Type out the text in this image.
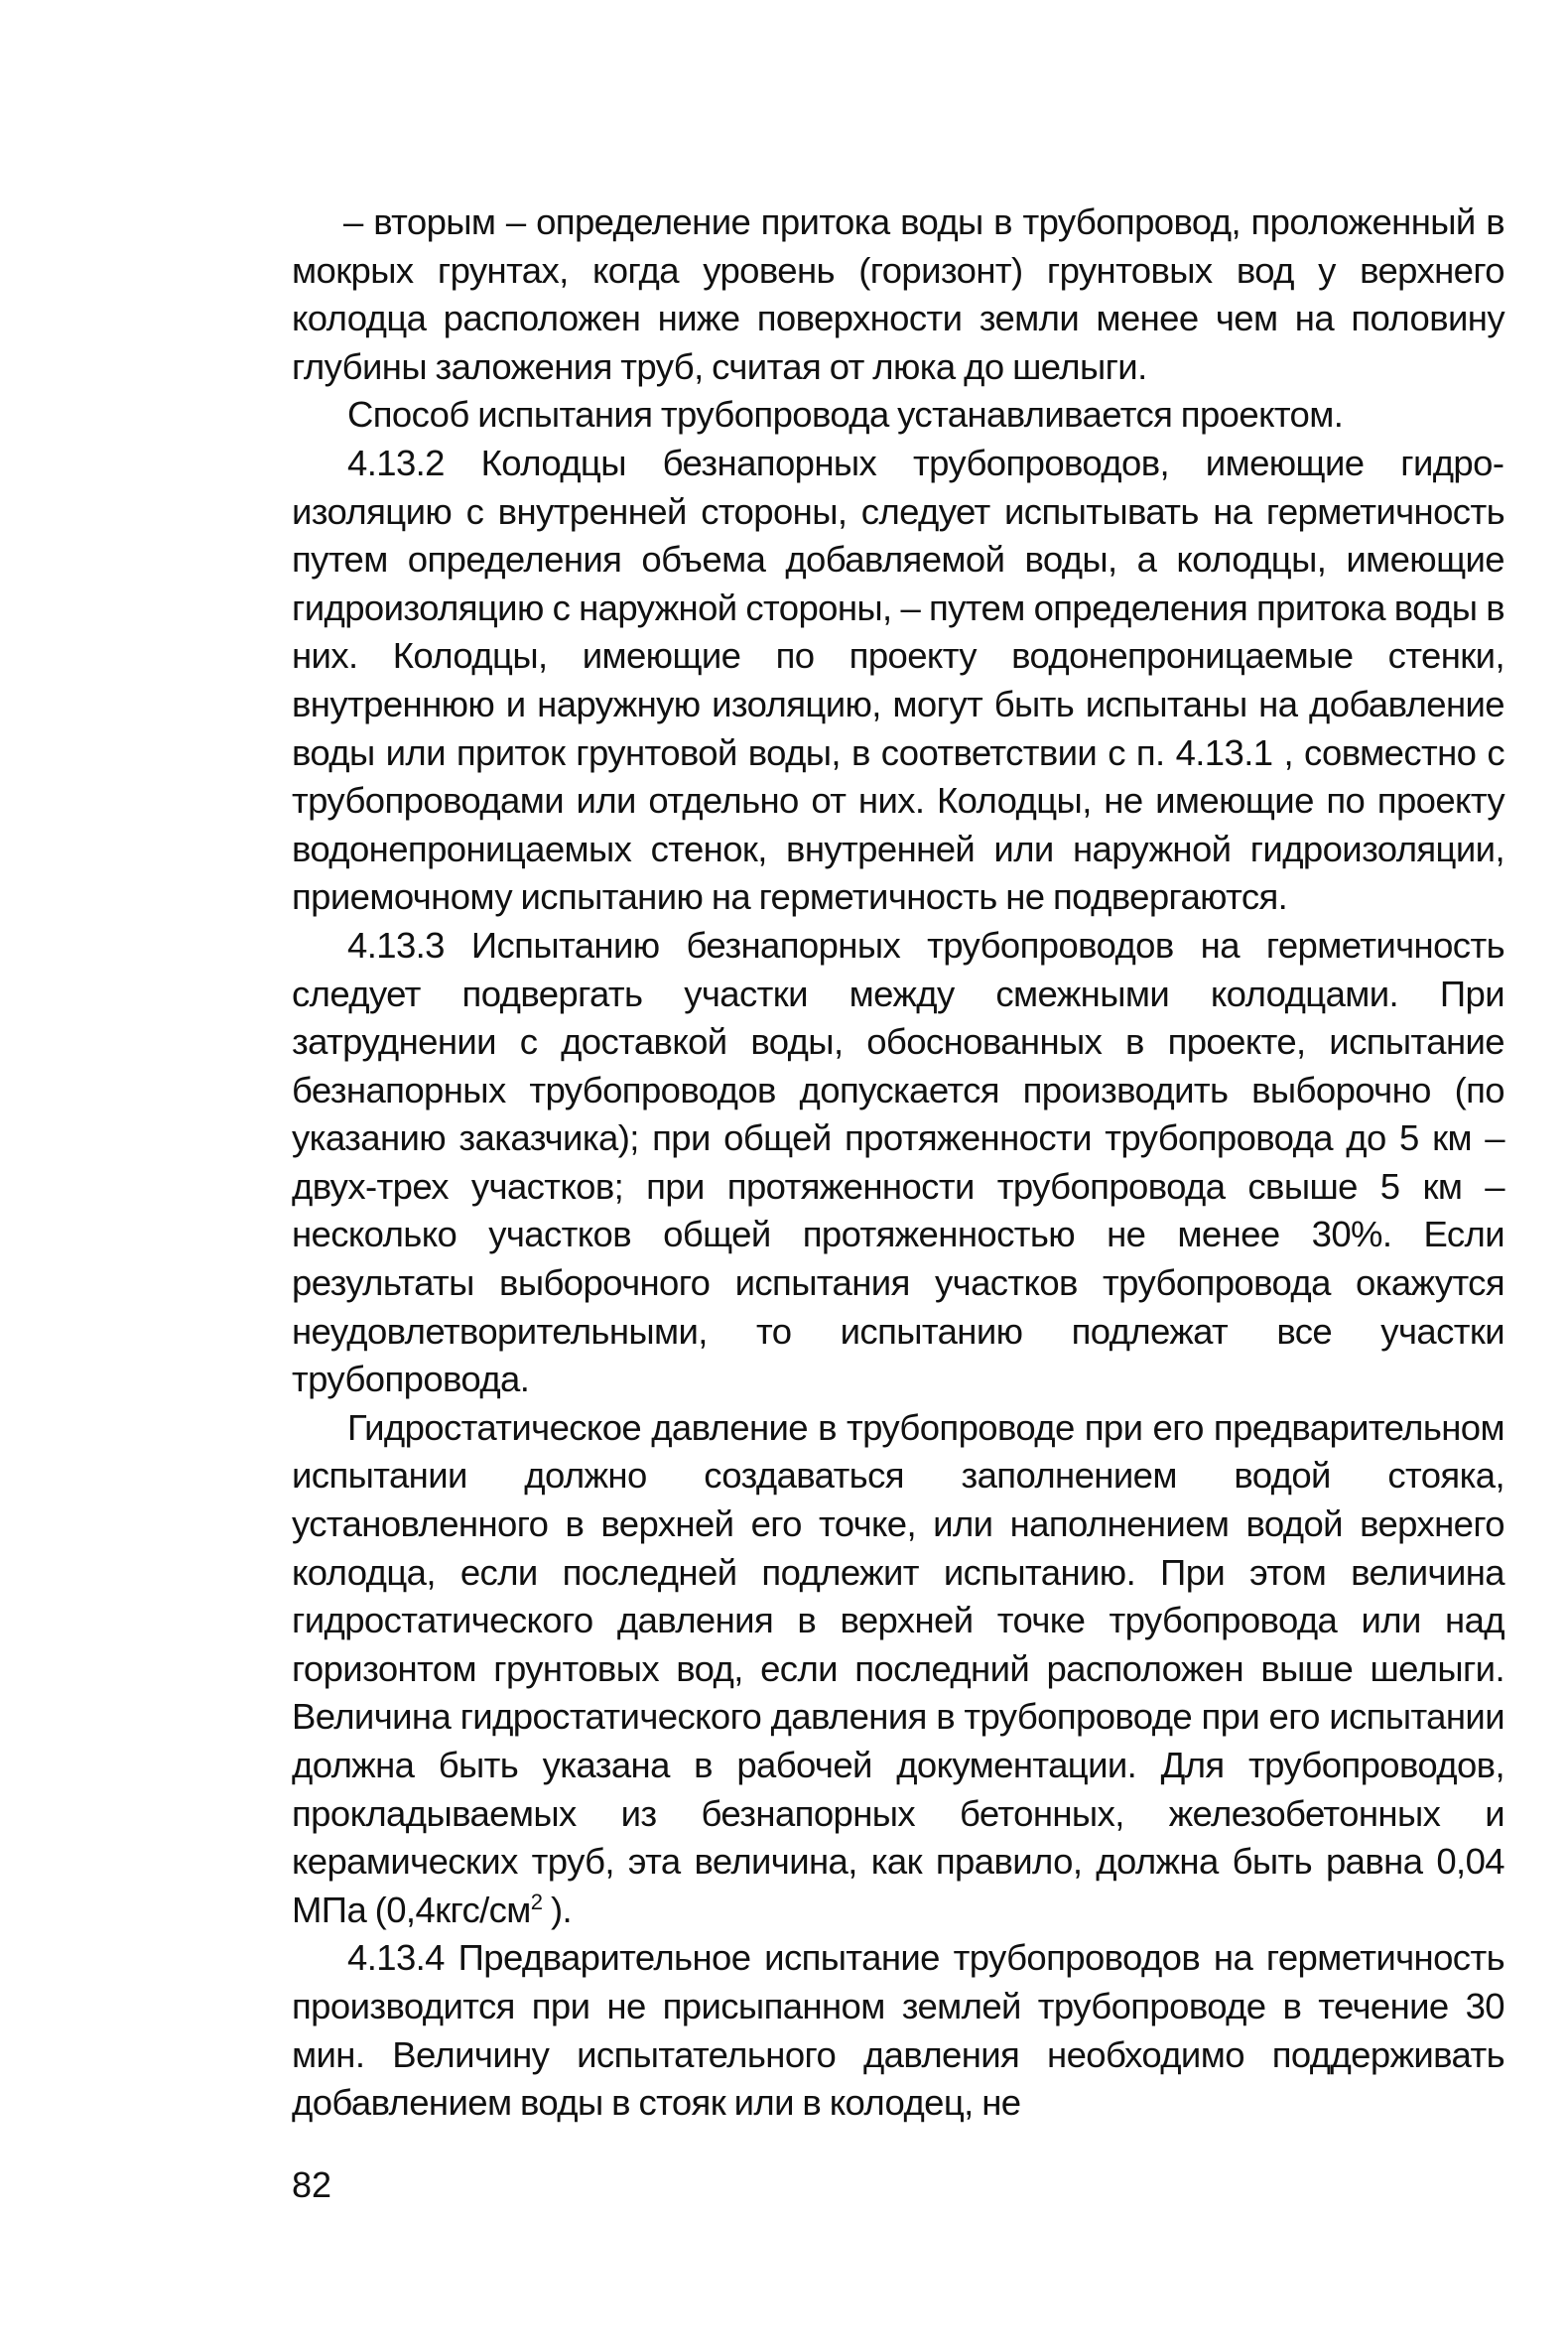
– вторым – определение притока воды в трубопровод, проложенный в мокрых грунтах, когда уровень (горизонт) грунтовых вод у верхнего колодца расположен ниже поверхности земли менее чем на половину глубины заложения труб, считая от люка до шелыги.

Способ испытания трубопровода устанавливается проектом.

4.13.2 Колодцы безнапорных трубопроводов, имеющие гидроизоляцию с внутренней стороны, следует испытывать на герметичность путем определения объема добавляемой воды, а колодцы, имеющие гидроизоляцию с наружной стороны, – путем определения притока воды в них. Колодцы, имеющие по проекту водонепроницаемые стенки, внутреннюю и наружную изоляцию, могут быть испытаны на добавление воды или приток грунтовой воды, в соответствии с п. 4.13.1 , совместно с трубопроводами или отдельно от них. Колодцы, не имеющие по проекту водонепроницаемых стенок, внутренней или наружной гидроизоляции, приемочному испытанию на герметичность не подвергаются.

4.13.3 Испытанию безнапорных трубопроводов на герметичность следует подвергать участки между смежными колодцами. При затруднении с доставкой воды, обоснованных в проекте, испытание безнапорных трубопроводов допускается производить выборочно (по указанию заказчика); при общей протяженности трубопровода до 5 км – двух-трех участков; при протяженности трубопровода свыше 5 км – несколько участков общей протяженностью не менее 30%. Если результаты выборочного испытания участков трубопровода окажутся неудовлетворительными, то испытанию подлежат все участки трубопровода.

Гидростатическое давление в трубопроводе при его предварительном испытании должно создаваться заполнением водой стояка, установленного в верхней его точке, или наполнением водой верхнего колодца, если последней подлежит испытанию. При этом величина гидростатического давления в верхней точке трубопровода или над горизонтом грунтовых вод, если последний расположен выше шелыги. Величина гидростатического давления в трубопроводе при его испытании должна быть указана в рабочей документации. Для трубопроводов, прокладываемых из безнапорных бетонных, железобетонных и керамических труб, эта величина, как правило, должна быть равна 0,04 МПа ($0,4кгс/см^2$ ).

4.13.4 Предварительное испытание трубопроводов на герметичность производится при не присыпанном землей трубопроводе в течение 30 мин. Величину испытательного давления необходимо поддерживать добавлением воды в стояк или в колодец, не

82
